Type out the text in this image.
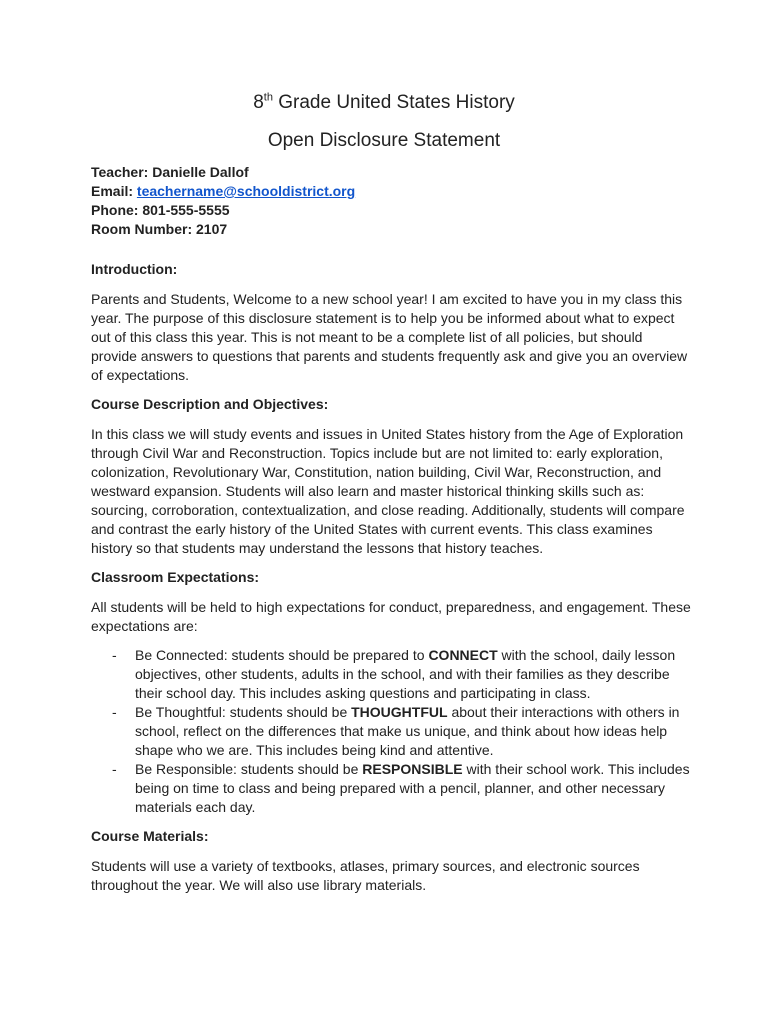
8th Grade United States History
Open Disclosure Statement
Teacher: Danielle Dallof
Email: teachername@schooldistrict.org
Phone: 801-555-5555
Room Number: 2107

Introduction:

Parents and Students, Welcome to a new school year! I am excited to have you in my class this year. The purpose of this disclosure statement is to help you be informed about what to expect out of this class this year. This is not meant to be a complete list of all policies, but should provide answers to questions that parents and students frequently ask and give you an overview of expectations.

Course Description and Objectives:

In this class we will study events and issues in United States history from the Age of Exploration through Civil War and Reconstruction. Topics include but are not limited to: early exploration, colonization, Revolutionary War, Constitution, nation building, Civil War, Reconstruction, and westward expansion. Students will also learn and master historical thinking skills such as: sourcing, corroboration, contextualization, and close reading. Additionally, students will compare and contrast the early history of the United States with current events. This class examines history so that students may understand the lessons that history teaches.

Classroom Expectations:

All students will be held to high expectations for conduct, preparedness, and engagement. These expectations are:

- Be Connected: students should be prepared to CONNECT with the school, daily lesson objectives, other students, adults in the school, and with their families as they describe their school day. This includes asking questions and participating in class.
- Be Thoughtful: students should be THOUGHTFUL about their interactions with others in school, reflect on the differences that make us unique, and think about how ideas help shape who we are. This includes being kind and attentive.
- Be Responsible: students should be RESPONSIBLE with their school work. This includes being on time to class and being prepared with a pencil, planner, and other necessary materials each day.

Course Materials:

Students will use a variety of textbooks, atlases, primary sources, and electronic sources throughout the year. We will also use library materials.
